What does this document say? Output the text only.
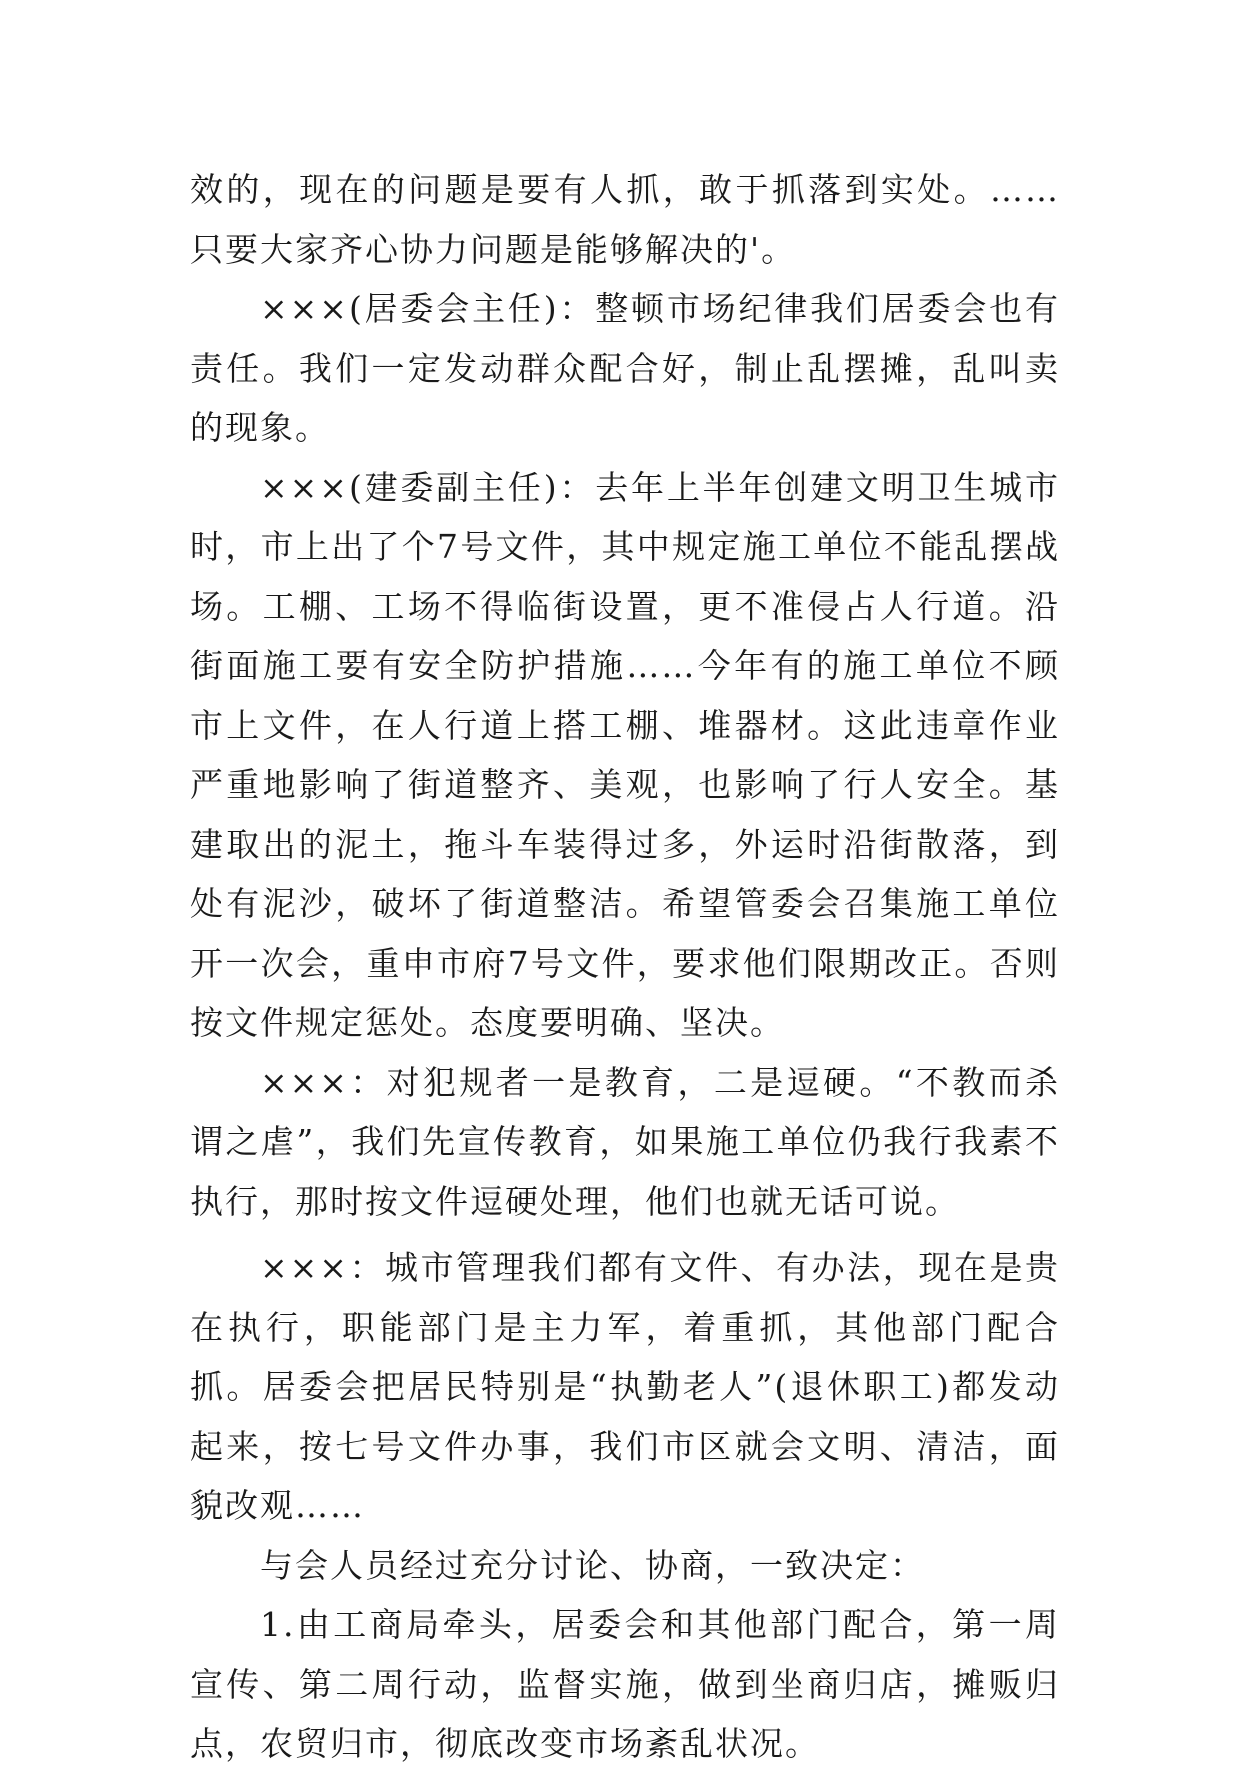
效的，现在的问题是要有人抓，敢于抓落到实处。……只要大家齐心协力问题是能够解决的'。

×××(居委会主任)：整顿市场纪律我们居委会也有责任。我们一定发动群众配合好，制止乱摆摊，乱叫卖的现象。

×××(建委副主任)：去年上半年创建文明卫生城市时，市上出了个7号文件，其中规定施工单位不能乱摆战场。工棚、工场不得临街设置，更不准侵占人行道。沿街面施工要有安全防护措施……今年有的施工单位不顾市上文件，在人行道上搭工棚、堆器材。这此违章作业严重地影响了街道整齐、美观，也影响了行人安全。基建取出的泥土，拖斗车装得过多，外运时沿街散落，到处有泥沙，破坏了街道整洁。希望管委会召集施工单位开一次会，重申市府7号文件，要求他们限期改正。否则按文件规定惩处。态度要明确、坚决。

×××：对犯规者一是教育，二是逗硬。“不教而杀谓之虐”，我们先宣传教育，如果施工单位仍我行我素不执行，那时按文件逗硬处理，他们也就无话可说。

×××：城市管理我们都有文件、有办法，现在是贵在执行，职能部门是主力军，着重抓，其他部门配合抓。居委会把居民特别是“执勤老人”(退休职工)都发动起来，按七号文件办事，我们市区就会文明、清洁，面貌改观……

与会人员经过充分讨论、协商，一致决定：

1.由工商局牵头，居委会和其他部门配合，第一周宣传、第二周行动，监督实施，做到坐商归店，摊贩归点，农贸归市，彻底改变市场紊乱状况。
